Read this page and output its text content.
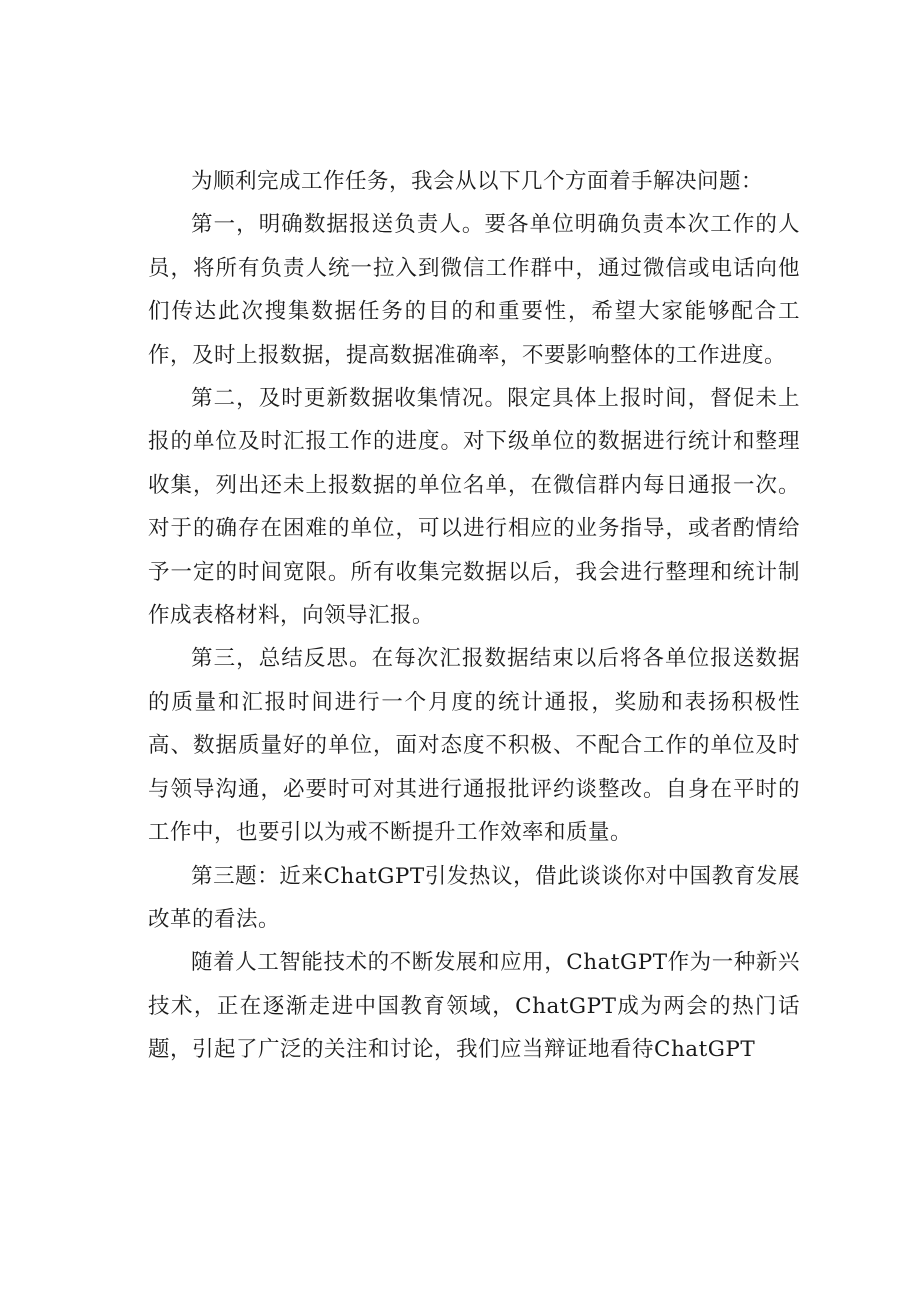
为顺利完成工作任务，我会从以下几个方面着手解决问题：

第一，明确数据报送负责人。要各单位明确负责本次工作的人员，将所有负责人统一拉入到微信工作群中，通过微信或电话向他们传达此次搜集数据任务的目的和重要性，希望大家能够配合工作，及时上报数据，提高数据准确率，不要影响整体的工作进度。

第二，及时更新数据收集情况。限定具体上报时间，督促未上报的单位及时汇报工作的进度。对下级单位的数据进行统计和整理收集，列出还未上报数据的单位名单，在微信群内每日通报一次。对于的确存在困难的单位，可以进行相应的业务指导，或者酌情给予一定的时间宽限。所有收集完数据以后，我会进行整理和统计制作成表格材料，向领导汇报。

第三，总结反思。在每次汇报数据结束以后将各单位报送数据的质量和汇报时间进行一个月度的统计通报，奖励和表扬积极性高、数据质量好的单位，面对态度不积极、不配合工作的单位及时与领导沟通，必要时可对其进行通报批评约谈整改。自身在平时的工作中，也要引以为戒不断提升工作效率和质量。

第三题：近来ChatGPT引发热议，借此谈谈你对中国教育发展改革的看法。

随着人工智能技术的不断发展和应用，ChatGPT作为一种新兴技术，正在逐渐走进中国教育领域，ChatGPT成为两会的热门话题，引起了广泛的关注和讨论，我们应当辩证地看待ChatGPT
